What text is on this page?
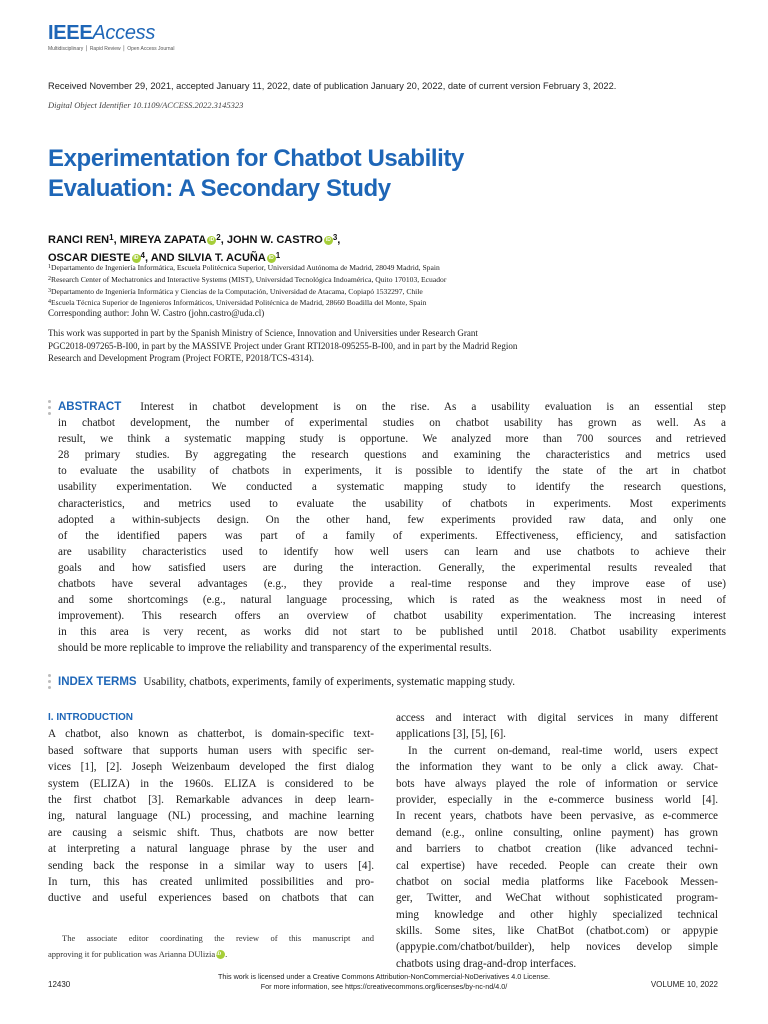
IEEEAccess
Multidisciplinary ⎪ Rapid Review ⎪ Open Access Journal
Received November 29, 2021, accepted January 11, 2022, date of publication January 20, 2022, date of current version February 3, 2022.
Digital Object Identifier 10.1109/ACCESS.2022.3145323
Experimentation for Chatbot Usability
Evaluation: A Secondary Study
RANCI REN$^1$, MIREYA ZAPATA iD $^2$, JOHN W. CASTRO iD $^3$,
OSCAR DIESTE iD $^4$, AND SILVIA T. ACUÑA iD $^1$
$^1$Departamento de Ingeniería Informática, Escuela Politécnica Superior, Universidad Autónoma de Madrid, 28049 Madrid, Spain
$^2$Research Center of Mechatronics and Interactive Systems (MIST), Universidad Tecnológica Indoamérica, Quito 170103, Ecuador
$^3$Departamento de Ingeniería Informática y Ciencias de la Computación, Universidad de Atacama, Copiapó 1532297, Chile
$^4$Escuela Técnica Superior de Ingenieros Informáticos, Universidad Politécnica de Madrid, 28660 Boadilla del Monte, Spain
Corresponding author: John W. Castro (john.castro@uda.cl)
This work was supported in part by the Spanish Ministry of Science, Innovation and Universities under Research Grant
PGC2018-097265-B-I00, in part by the MASSIVE Project under Grant RTI2018-095255-B-I00, and in part by the Madrid Region
Research and Development Program (Project FORTE, P2018/TCS-4314).
ABSTRACT Interest in chatbot development is on the rise. As a usability evaluation is an essential step
in chatbot development, the number of experimental studies on chatbot usability has grown as well. As a
result, we think a systematic mapping study is opportune. We analyzed more than 700 sources and retrieved
28 primary studies. By aggregating the research questions and examining the characteristics and metrics used
to evaluate the usability of chatbots in experiments, it is possible to identify the state of the art in chatbot
usability experimentation. We conducted a systematic mapping study to identify the research questions,
characteristics, and metrics used to evaluate the usability of chatbots in experiments. Most experiments
adopted a within-subjects design. On the other hand, few experiments provided raw data, and only one
of the identified papers was part of a family of experiments. Effectiveness, efficiency, and satisfaction
are usability characteristics used to identify how well users can learn and use chatbots to achieve their
goals and how satisfied users are during the interaction. Generally, the experimental results revealed that
chatbots have several advantages (e.g., they provide a real-time response and they improve ease of use)
and some shortcomings (e.g., natural language processing, which is rated as the weakness most in need of
improvement). This research offers an overview of chatbot usability experimentation. The increasing interest
in this area is very recent, as works did not start to be published until 2018. Chatbot usability experiments
should be more replicable to improve the reliability and transparency of the experimental results.
INDEX TERMS Usability, chatbots, experiments, family of experiments, systematic mapping study.
I. INTRODUCTION
A chatbot, also known as chatterbot, is domain-specific text-
based software that supports human users with specific ser-
vices [1], [2]. Joseph Weizenbaum developed the first dialog
system (ELIZA) in the 1960s. ELIZA is considered to be
the first chatbot [3]. Remarkable advances in deep learn-
ing, natural language (NL) processing, and machine learning
are causing a seismic shift. Thus, chatbots are now better
at interpreting a natural language phrase by the user and
sending back the response in a similar way to users [4].
In turn, this has created unlimited possibilities and pro-
ductive and useful experiences based on chatbots that can
access and interact with digital services in many different
applications [3], [5], [6].
In the current on-demand, real-time world, users expect
the information they want to be only a click away. Chat-
bots have always played the role of information or service
provider, especially in the e-commerce business world [4].
In recent years, chatbots have been pervasive, as e-commerce
demand (e.g., online consulting, online payment) has grown
and barriers to chatbot creation (like advanced techni-
cal expertise) have receded. People can create their own
chatbot on social media platforms like Facebook Messen-
ger, Twitter, and WeChat without sophisticated program-
ming knowledge and other highly specialized technical
skills. Some sites, like ChatBot (chatbot.com) or appypie
(appypie.com/chatbot/builder), help novices develop simple
chatbots using drag-and-drop interfaces.
The associate editor coordinating the review of this manuscript and
approving it for publication was Arianna DUliziaiD .
This work is licensed under a Creative Commons Attribution-NonCommercial-NoDerivatives 4.0 License.
For more information, see https://creativecommons.org/licenses/by-nc-nd/4.0/
12430	VOLUME 10, 2022
